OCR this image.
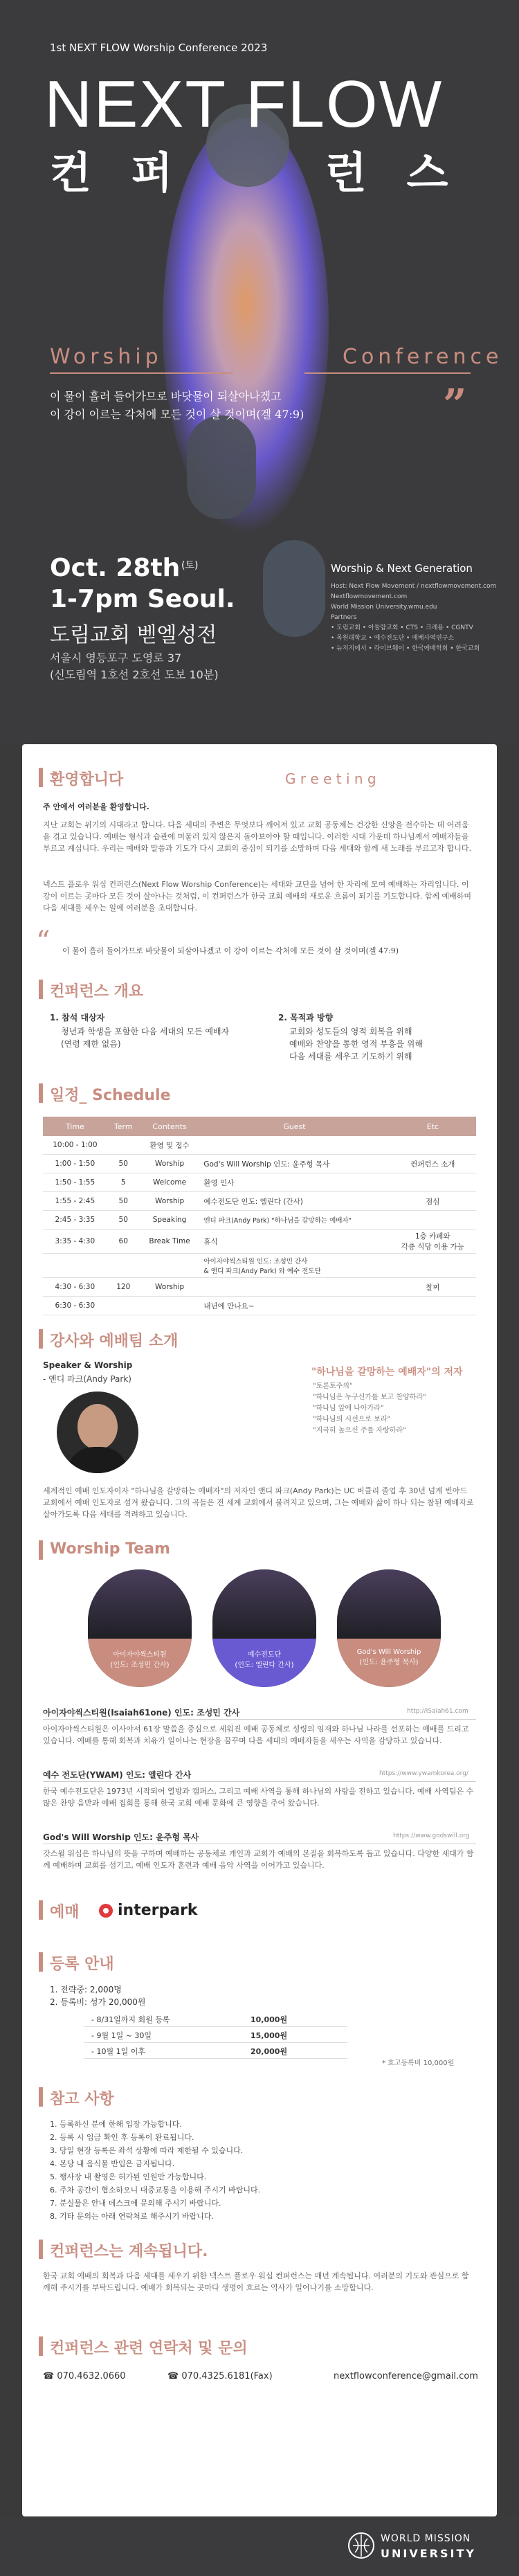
1st NEXT FLOW Worship Conference 2023
NEXT FLOW
컨 퍼	런 스
Worship	Conference
이 물이 흘러 들어가므로 바닷물이 되살아나겠고
이 강이 이르는 각처에 모든 것이 살 것이며(겔 47:9)	”
Oct. 28th (토)
1-7pm Seoul.
도림교회 벧엘성전
서울시 영등포구 도영로 37
(신도림역 1호선 2호선 도보 10분)
Worship & Next Generation
Host: Next Flow Movement / nextflowmovement.com
Nextflowmovement.com
World Mission University.wmu.edu
Partners
• 도림교회 • 아둘람교회 • CTS • 크레용 • CGNTV
• 목원대학교 • 예수전도단 • 예배사역연구소
• 뉴저지에서 • 라이브웨이 • 한국예배학회 • 한국교회
환영합니다	G r e e t i n g
주 안에서 여러분을 환영합니다.
지난 교회는 위기의 시대라고 합니다. 다음 세대의 주변은 무엇보다 깨어져 있고 교회 공동체는 건강한 신앙을 전수하는 데 어려움을 겪고 있습니다. 예배는 형식과 습관에 머물러 있지 않은지 돌아보아야 할 때입니다. 이러한 시대 가운데 하나님께서 예배자들을 부르고 계십니다. 우리는 예배와 말씀과 기도가 다시 교회의 중심이 되기를 소망하며 다음 세대와 함께 새 노래를 부르고자 합니다.
넥스트 플로우 워십 컨퍼런스(Next Flow Worship Conference)는 세대와 교단을 넘어 한 자리에 모여 예배하는 자리입니다. 이 강이 이르는 곳마다 모든 것이 살아나는 것처럼, 이 컨퍼런스가 한국 교회 예배의 새로운 흐름이 되기를 기도합니다. 함께 예배하며 다음 세대를 세우는 일에 여러분을 초대합니다.
“ 이 물이 흘러 들어가므로 바닷물이 되살아나겠고 이 강이 이르는 각처에 모든 것이 살 것이며(겔 47:9)
컨퍼런스 개요
1. 참석 대상자
청년과 학생을 포함한 다음 세대의 모든 예배자
(연령 제한 없음)
2. 목적과 방향
교회와 성도들의 영적 회복을 위해
예배와 찬양을 통한 영적 부흥을 위해
다음 세대를 세우고 기도하기 위해
일정_ Schedule
Time	Term	Contents	Guest	Etc
10:00 - 1:00		환영 및 접수		
1:00 - 1:50	50	Worship	God's Will Worship 인도: 윤주형 목사	컨퍼런스 소개
1:50 - 1:55	5	Welcome	환영 인사	
1:55 - 2:45	50	Worship	예수전도단 인도: 엘린다 (간사)	점심
2:45 - 3:35	50	Speaking	엔디 파크(Andy Park) "하나님을 갈망하는 예배자"	
3:35 - 4:30	60	Break Time	휴식	1층 카페와
각층 식당 이용 가능
			아이자야씩스티원 인도: 조성민 간사
& 앤디 파크(Andy Park) 와 예수 전도단	
4:30 - 6:30	120	Worship		찰찌
6:30 - 6:30			내년에 만나요~	
강사와 예배팀 소개
Speaker & Worship
- 앤디 파크(Andy Park)
"하나님을 갈망하는 예배자"의 저자
"토론토주의"
"하나님은 누구신가를 보고 찬양하라"
"하나님 앞에 나아가라"
"하나님의 시선으로 보라"
"지극히 높으신 주를 자랑하라"
세계적인 예배 인도자이자 "하나님을 갈망하는 예배자"의 저자인 앤디 파크(Andy Park)는 UC 버클리 졸업 후 30년 넘게 빈야드 교회에서 예배 인도자로 섬겨 왔습니다. 그의 곡들은 전 세계 교회에서 불려지고 있으며, 그는 예배와 삶이 하나 되는 참된 예배자로 살아가도록 다음 세대를 격려하고 있습니다.
Worship Team
아이자야씩스티원
(인도: 조성민 간사)
예수전도단
(인도: 엘린다 간사)
God's Will Worship
(인도: 윤주형 목사)
아이자야씩스티원(Isaiah61one) 인도: 조성민 간사	http://ISaiah61.com
아이자야씩스티원은 이사야서 61장 말씀을 중심으로 세워진 예배 공동체로 성령의 임재와 하나님 나라를 선포하는 예배를 드리고 있습니다. 예배를 통해 회복과 치유가 일어나는 현장을 꿈꾸며 다음 세대의 예배자들을 세우는 사역을 감당하고 있습니다.
예수 전도단(YWAM) 인도: 엘린다 간사	https://www.ywamkorea.org/
한국 예수전도단은 1973년 시작되어 열방과 캠퍼스, 그리고 예배 사역을 통해 하나님의 사랑을 전하고 있습니다. 예배 사역팀은 수많은 찬양 음반과 예배 집회를 통해 한국 교회 예배 문화에 큰 영향을 주어 왔습니다.
God's Will Worship 인도: 윤주형 목사	https://www.godswill.org
갓스윌 워십은 하나님의 뜻을 구하며 예배하는 공동체로 개인과 교회가 예배의 본질을 회복하도록 돕고 있습니다. 다양한 세대가 함께 예배하며 교회를 섬기고, 예배 인도자 훈련과 예배 음악 사역을 이어가고 있습니다.
예매	interpark
등록 안내
1. 전략중: 2,000명
2. 등록비: 성가 20,000원
- 8/31일까지 회원 등록	10,000원
- 9월 1일 ~ 30일	15,000원
- 10월 1일 이후	20,000원
* 효고등록비 10,000원
참고 사항
1. 등록하신 분에 한해 입장 가능합니다.
2. 등록 시 입금 확인 후 등록이 완료됩니다.
3. 당일 현장 등록은 좌석 상황에 따라 제한될 수 있습니다.
4. 본당 내 음식물 반입은 금지됩니다.
5. 행사장 내 촬영은 허가된 인원만 가능합니다.
6. 주차 공간이 협소하오니 대중교통을 이용해 주시기 바랍니다.
7. 분실물은 안내 데스크에 문의해 주시기 바랍니다.
8. 기타 문의는 아래 연락처로 해주시기 바랍니다.
컨퍼런스는 계속됩니다.
한국 교회 예배의 회복과 다음 세대를 세우기 위한 넥스트 플로우 워십 컨퍼런스는 매년 계속됩니다. 여러분의 기도와 관심으로 함께해 주시기를 부탁드립니다. 예배가 회복되는 곳마다 생명이 흐르는 역사가 일어나기를 소망합니다.
컨퍼런스 관련 연락처 및 문의
☎ 070.4632.0660	☎ 070.4325.6181(Fax)	nextflowconference@gmail.com
WORLD MISSION
UNIVERSITY
